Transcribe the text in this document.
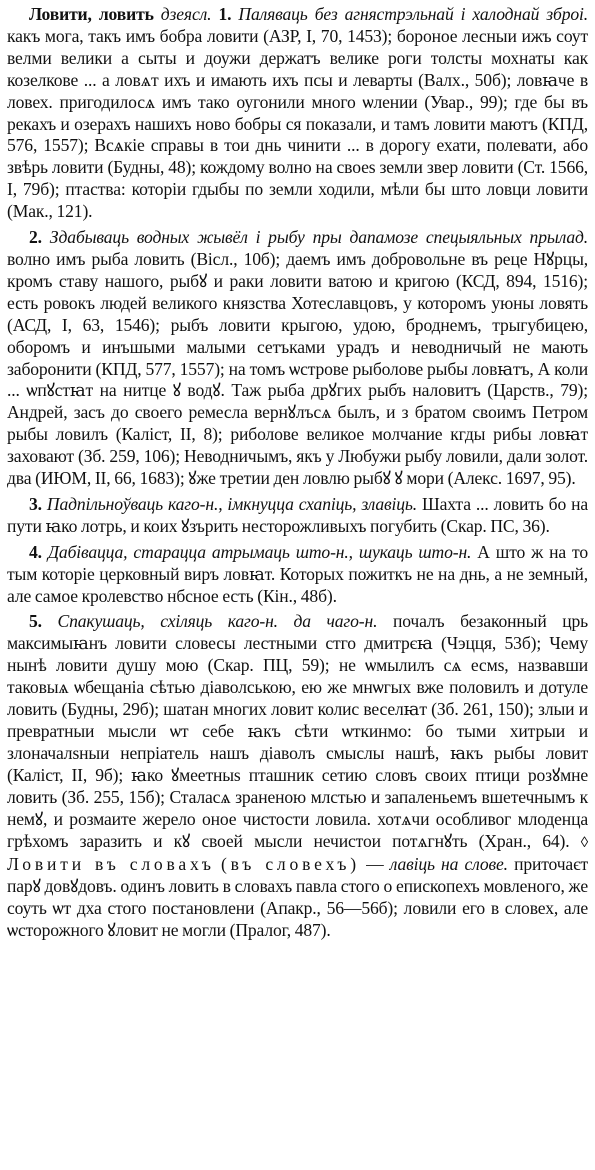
Ловити, ловить дзеясл. 1. Паляваць без агнястрэльнай і халоднай зброі. какъ мога, такъ имъ бобра ловити (АЗР, I, 70, 1453); бороное лесныи ижъ соут велми велики а сыты и доужи держатъ велике роги толсты мохнаты как козелкове ... а ловѧт ихъ и имають ихъ псы и леварты (Валх., 50б); ловꙗче в ловех. пригодилосѧ имъ тако оугонили много ѡлении (Увар., 99); где бы въ рекахъ и озерахъ нашихъ ново бобры ся показали, и тамъ ловити маютъ (КПД, 576, 1557); Всѧкіе справы в тои днь чинити ... в дорогу ехати, полевати, або звѣрь ловити (Будны, 48); кождому волно на своеѕ земли звер ловити (Ст. 1566, I, 79б); птаства: которіи гдыбы по земли ходили, мѣли бы што ловци ловити (Мак., 121).

2. Здабываць водных жывёл і рыбу пры дапамозе спецыяльных прылад. волно имъ рыба ловить (Вісл., 10б); даемъ имъ добровольне въ реце Нꙋрцы, кромъ ставу нашого, рыбꙋ и раки ловити ватою и кригою (КСД, 894, 1516); есть ровокъ людей великого князства Хотеславцовъ, у которомъ уюны ловять (АСД, I, 63, 1546); рыбъ ловити крыгою, удою, броднемъ, трыгубицею, оборомъ и инъшыми малыми сетъками урадъ и неводничый не мають заборонити (КПД, 577, 1557); на томъ ѡстрове рыболове рыбы ловꙗтъ, А коли ... ѡпꙋстꙗт на нитце ꙋ водꙋ. Таж рыба дрꙋгих рыбъ наловитъ (Царств., 79); Андрей, засъ до своего ремесла вернꙋлъсѧ былъ, и з братом своимъ Петром рыбы ловилъ (Каліст, II, 8); риболове великое молчание кгды рибы ловꙗт заховают (Зб. 259, 106); Неводничымъ, якъ у Любужи рыбу ловили, дали золот. два (ИЮМ, II, 66, 1683); ꙋже третии ден ловлю рыбꙋ ꙋ мори (Алекс. 1697, 95).

3. Падпільноўваць каго-н., імкнуцца схапіць, злавіць. Шахта ... ловить бо на пути ꙗко лотрь, и коих ꙋзърить несторожливыхъ погубить (Скар. ПС, 36).

4. Дабівацца, старацца атрымаць што-н., шукаць што-н. А што ж на то тым которіе церковный виръ ловꙗт. Которых пожиткъ не на днь, а не земный, але самое кролевство нбсное есть (Кін., 48б).

5. Спакушаць, схіляць каго-н. да чаго-н. почалъ безаконный црь максимыꙗнъ ловити словесы лестными стго дмитрєꙗ (Чэцця, 53б); Чему нынѣ ловити душу мою (Скар. ПЦ, 59); не ѡмылилъ сѧ есмѕ, назвавши таковыѧ ѡбещаніа сѣтью діаволською, ею же мнѡгых вже половилъ и дотуле ловить (Будны, 29б); шатан многих ловит колис веселꙗт (Зб. 261, 150); злыи и превратныи мысли ѡт себе ꙗкъ сѣти ѡткинмо: бо тыми хитрыи и злоначалѕныи непріатель нашъ діаволъ смыслы нашѣ, ꙗкъ рыбы ловит (Каліст, II, 9б); ꙗко ꙋмеетныѕ пташник сетию словъ своих птици розꙋмне ловить (Зб. 255, 15б); Сталасѧ зраненою млстью и запаленьемъ вшетечнымъ к немꙋ, и розмаите жерело оное чистости ловила. хотѧчи особливог млоденца грѣхомъ заразить и кꙋ своей мысли нечистои потѧгнꙋть (Хран., 64). ◊ Ловити въ словахъ (въ словехъ) — лавіць на слове. приточаєт парꙋ довꙋдовъ. одинъ ловить в словахъ павла стого о епископехъ мовленого, же соуть ѡт дха стого постановлени (Апакр., 56—56б); ловили его в словех, але ѡсторожного ꙋловит не могли (Пралог, 487).
